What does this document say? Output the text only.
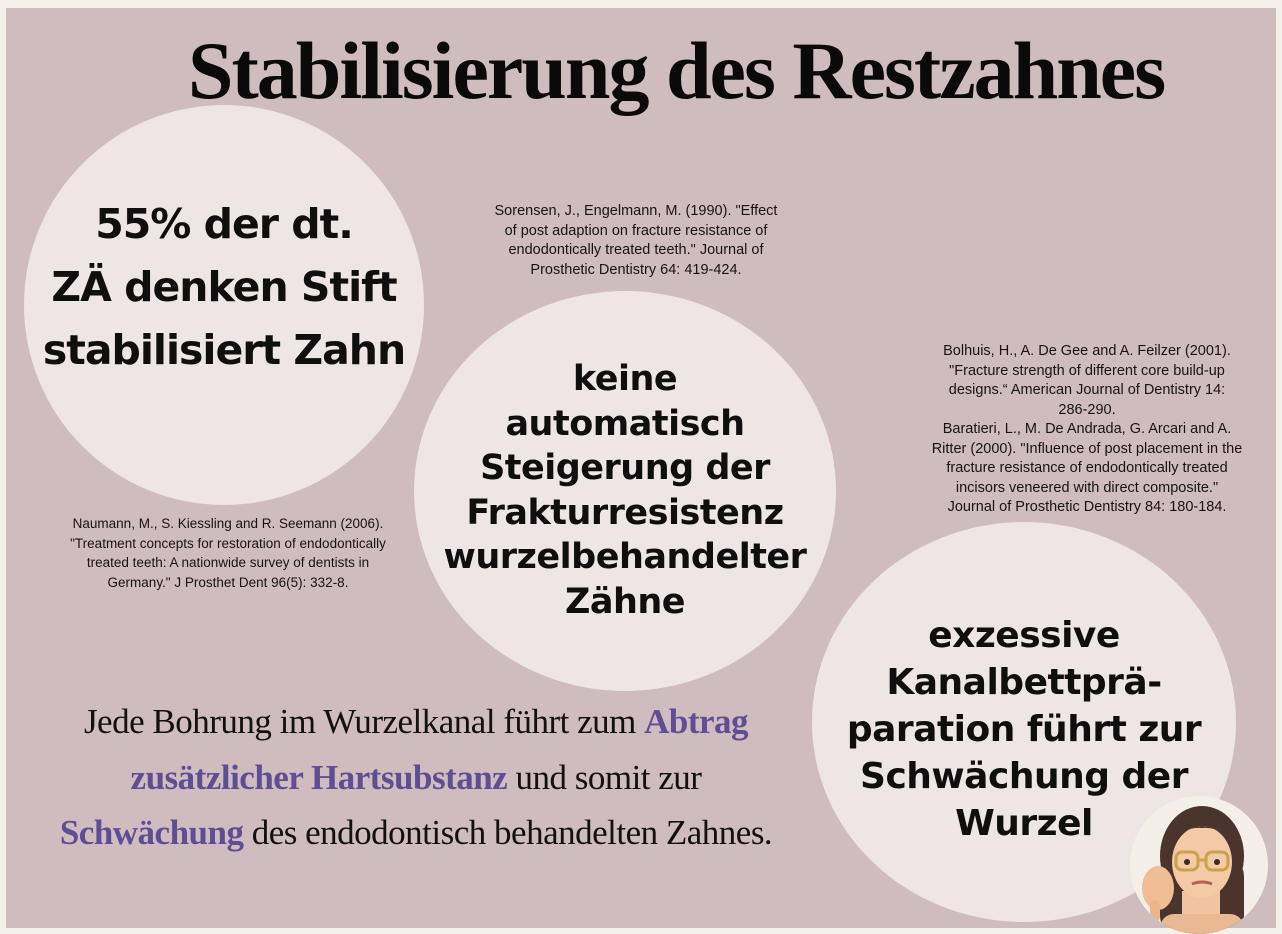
Stabilisierung des Restzahnes
55% der dt.
ZÄ denken Stift
stabilisiert Zahn
Sorensen, J., Engelmann, M. (1990). "Effect
of post adaption on fracture resistance of
endodontically treated teeth." Journal of
Prosthetic Dentistry 64: 419-424.
Bolhuis, H., A. De Gee and A. Feilzer (2001).
"Fracture strength of different core build-up
designs.“ American Journal of Dentistry 14:
286-290.
Baratieri, L., M. De Andrada, G. Arcari and A.
Ritter (2000). "Influence of post placement in the
fracture resistance of endodontically treated
incisors veneered with direct composite."
Journal of Prosthetic Dentistry 84: 180-184.
Naumann, M., S. Kiessling and R. Seemann (2006).
"Treatment concepts for restoration of endodontically
treated teeth: A nationwide survey of dentists in
Germany." J Prosthet Dent 96(5): 332-8.
keine
automatisch
Steigerung der
Frakturresistenz
wurzelbehandelter
Zähne
exzessive
Kanalbettprä-
paration führt zur
Schwächung der
Wurzel
Jede Bohrung im Wurzelkanal führt zum Abtrag zusätzlicher Hartsubstanz und somit zur Schwächung des endodontisch behandelten Zahnes.
